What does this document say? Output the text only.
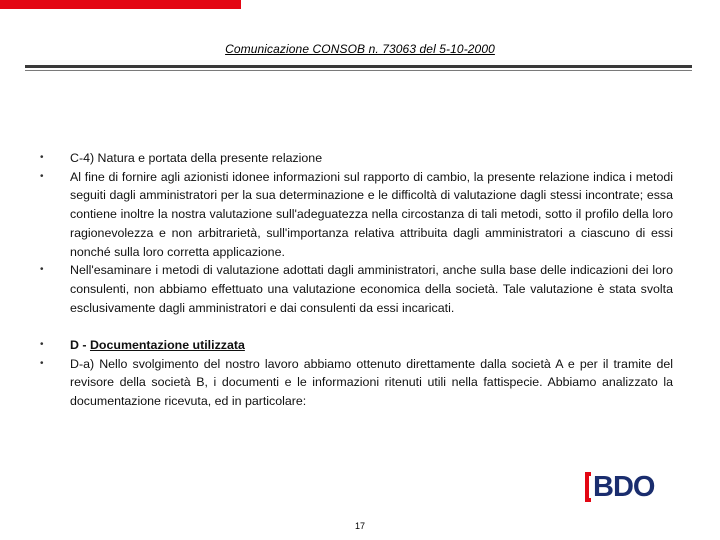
Comunicazione CONSOB n. 73063 del 5-10-2000
• C-4) Natura e portata della presente relazione
• Al fine di fornire agli azionisti idonee informazioni sul rapporto di cambio, la presente relazione indica i metodi seguiti dagli amministratori per la sua determinazione e le difficoltà di valutazione dagli stessi incontrate; essa contiene inoltre la nostra valutazione sull'adeguatezza nella circostanza di tali metodi, sotto il profilo della loro ragionevolezza e non arbitrarietà, sull'importanza relativa attribuita dagli amministratori a ciascuno di essi nonché sulla loro corretta applicazione.
• Nell'esaminare i metodi di valutazione adottati dagli amministratori, anche sulla base delle indicazioni dei loro consulenti, non abbiamo effettuato una valutazione economica della società. Tale valutazione è stata svolta esclusivamente dagli amministratori e dai consulenti da essi incaricati.
• D - Documentazione utilizzata
• D-a) Nello svolgimento del nostro lavoro abbiamo ottenuto direttamente dalla società A e per il tramite del revisore della società B, i documenti e le informazioni ritenuti utili nella fattispecie. Abbiamo analizzato la documentazione ricevuta, ed in particolare:
BDO
17
